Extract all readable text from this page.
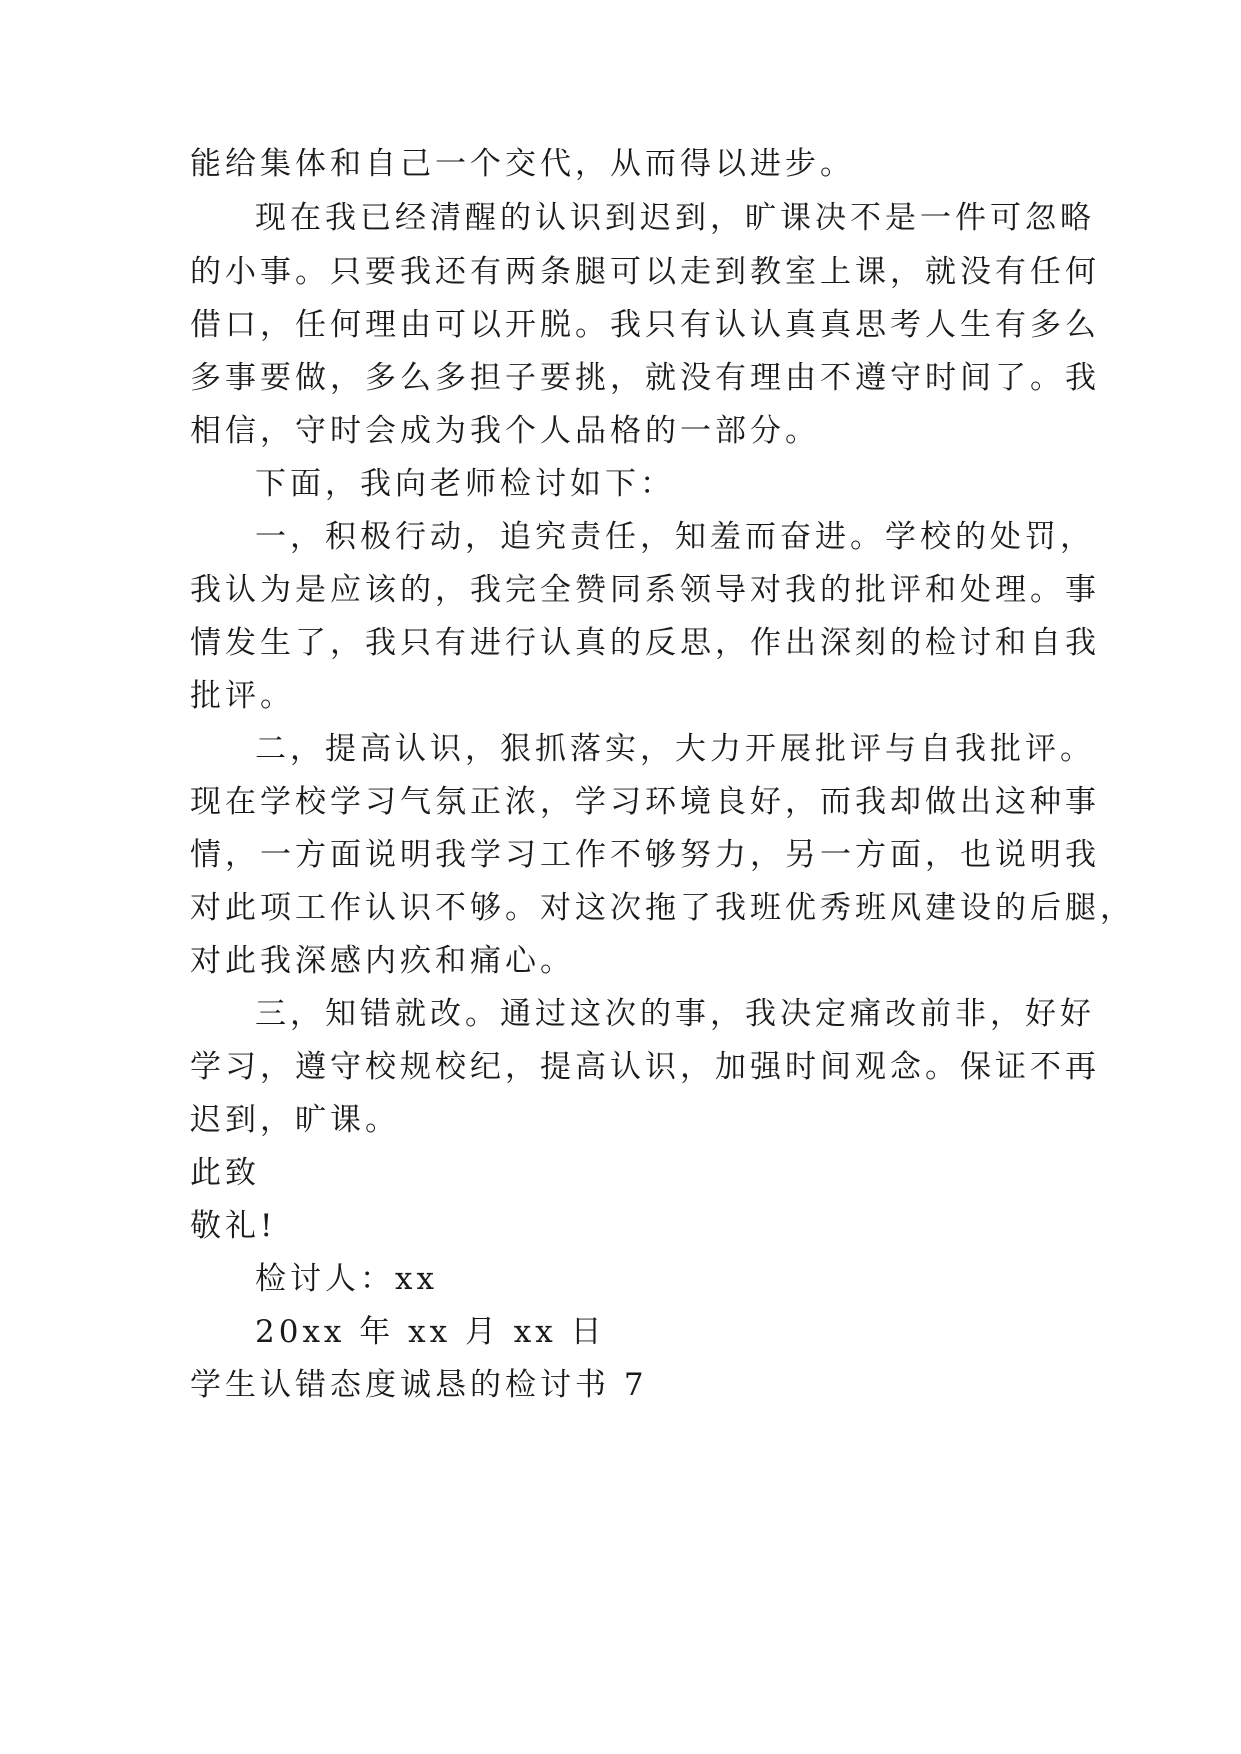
能给集体和自己一个交代，从而得以进步。

现在我已经清醒的认识到迟到，旷课决不是一件可忽略

的小事。只要我还有两条腿可以走到教室上课，就没有任何

借口，任何理由可以开脱。我只有认认真真思考人生有多么

多事要做，多么多担子要挑，就没有理由不遵守时间了。我

相信，守时会成为我个人品格的一部分。

下面，我向老师检讨如下：

一，积极行动，追究责任，知羞而奋进。学校的处罚，

我认为是应该的，我完全赞同系领导对我的批评和处理。事

情发生了，我只有进行认真的反思，作出深刻的检讨和自我

批评。

二，提高认识，狠抓落实，大力开展批评与自我批评。

现在学校学习气氛正浓，学习环境良好，而我却做出这种事

情，一方面说明我学习工作不够努力，另一方面，也说明我

对此项工作认识不够。对这次拖了我班优秀班风建设的后腿，

对此我深感内疚和痛心。

三，知错就改。通过这次的事，我决定痛改前非，好好

学习，遵守校规校纪，提高认识，加强时间观念。保证不再

迟到，旷课。

此致

敬礼!

检讨人：xx

20xx 年 xx 月 xx 日

学生认错态度诚恳的检讨书 7
